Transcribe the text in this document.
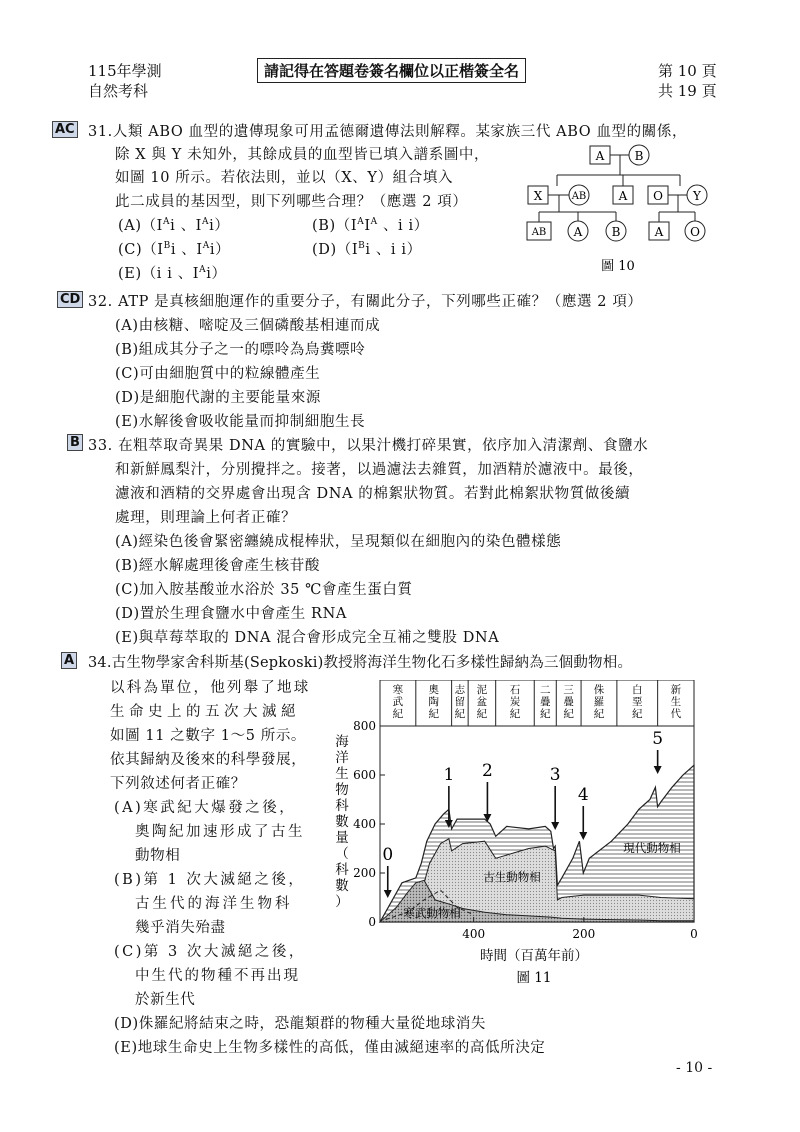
115年學測
自然考科
請記得在答題卷簽名欄位以正楷簽全名	第 10 頁
共 19 頁
AC 31.人類 ABO 血型的遺傳現象可用孟德爾遺傳法則解釋。某家族三代 ABO 血型的關係，
除 X 與 Y 未知外，其餘成員的血型皆已填入譜系圖中，
如圖 10 所示。若依法則，並以（X、Y）組合填入
此二成員的基因型，則下列哪些合理？（應選 2 項）
$(A)(I^Ai$ 、$I^Ai$）	$(B)(I^AI^A$ 、i i）
$(C)(I^Bi$ 、$I^Ai$）	$(D)(I^Bi$ 、i i）
(E)（i i 、$I^Ai$）
A	B
X	AB	A O	Y
AB A B	A O
圖 10
CD 32. ATP 是真核細胞運作的重要分子，有關此分子，下列哪些正確？（應選 2 項）
(A)由核糖、嘧啶及三個磷酸基相連而成
(B)組成其分子之一的嘌呤為鳥糞嘌呤
(C)可由細胞質中的粒線體產生
(D)是細胞代謝的主要能量來源
(E)水解後會吸收能量而抑制細胞生長
B 33. 在粗萃取奇異果 DNA 的實驗中，以果汁機打碎果實，依序加入清潔劑、食鹽水
和新鮮鳳梨汁，分別攪拌之。接著，以過濾法去雜質，加酒精於濾液中。最後，
濾液和酒精的交界處會出現含 DNA 的棉絮狀物質。若對此棉絮狀物質做後續
處理，則理論上何者正確？
(A)經染色後會緊密纏繞成棍棒狀，呈現類似在細胞內的染色體樣態
(B)經水解處理後會產生核苷酸
(C)加入胺基酸並水浴於 35 ℃會產生蛋白質
(D)置於生理食鹽水中會產生 RNA
(E)與草莓萃取的 DNA 混合會形成完全互補之雙股 DNA
A 34.古生物學家舍科斯基(Sepkoski)教授將海洋生物化石多樣性歸納為三個動物相。
以科為單位，他列舉了地球
生命史上的五次大滅絕
如圖 11 之數字 1～5 所示。
依其歸納及後來的科學發展，
下列敘述何者正確？
(A)寒武紀大爆發之後，
奧陶紀加速形成了古生
動物相
(B)第 1 次大滅絕之後，
古生代的海洋生物科
幾乎消失殆盡
(C)第 3 次大滅絕之後，
中生代的物種不再出現
於新生代
(D)侏羅紀將結束之時，恐龍類群的物種大量從地球消失
(E)地球生命史上生物多樣性的高低，僅由滅絕速率的高低所決定
寒武紀
奧陶紀
志留紀
泥盆紀
石炭紀
二疊紀
三疊紀
侏羅紀
白堊紀
新生代
0
200
400
600
800
400	200	0
0
1 2	3
4
5
寒武動物相
古生動物相
現代動物相
海洋生物科數量（科數）
時間（百萬年前）
圖 11
- 10 -
